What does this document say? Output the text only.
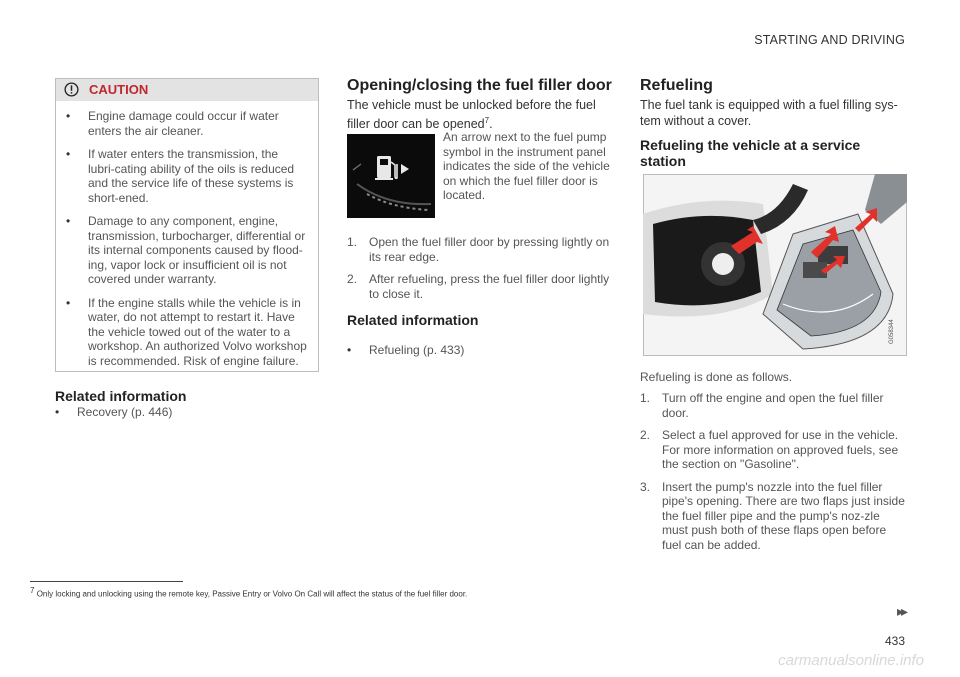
STARTING AND DRIVING
CAUTION
• Engine damage could occur if water enters the air cleaner.
• If water enters the transmission, the lubri-cating ability of the oils is reduced and the service life of these systems is short-ened.
• Damage to any component, engine, transmission, turbocharger, differential or its internal components caused by flood-ing, vapor lock or insufficient oil is not covered under warranty.
• If the engine stalls while the vehicle is in water, do not attempt to restart it. Have the vehicle towed out of the water to a workshop. An authorized Volvo workshop is recommended. Risk of engine failure.
Related information
• Recovery (p. 446)
Opening/closing the fuel filler door
The vehicle must be unlocked before the fuel filler door can be opened$^7$.
An arrow next to the fuel pump symbol in the instrument panel indicates the side of the vehicle on which the fuel filler door is located.
1. Open the fuel filler door by pressing lightly on its rear edge.
2. After refueling, press the fuel filler door lightly to close it.
Related information
• Refueling (p. 433)
Refueling
The fuel tank is equipped with a fuel filling sys-tem without a cover.
Refueling the vehicle at a service station
G058344
Refueling is done as follows.
1. Turn off the engine and open the fuel filler door.
2. Select a fuel approved for use in the vehicle. For more information on approved fuels, see the section on "Gasoline".
3. Insert the pump's nozzle into the fuel filler pipe's opening. There are two flaps just inside the fuel filler pipe and the pump's noz-zle must push both of these flaps open before fuel can be added.
$^7$ Only locking and unlocking using the remote key, Passive Entry or Volvo On Call will affect the status of the fuel filler door.
▸▸
433
carmanualsonline.info
